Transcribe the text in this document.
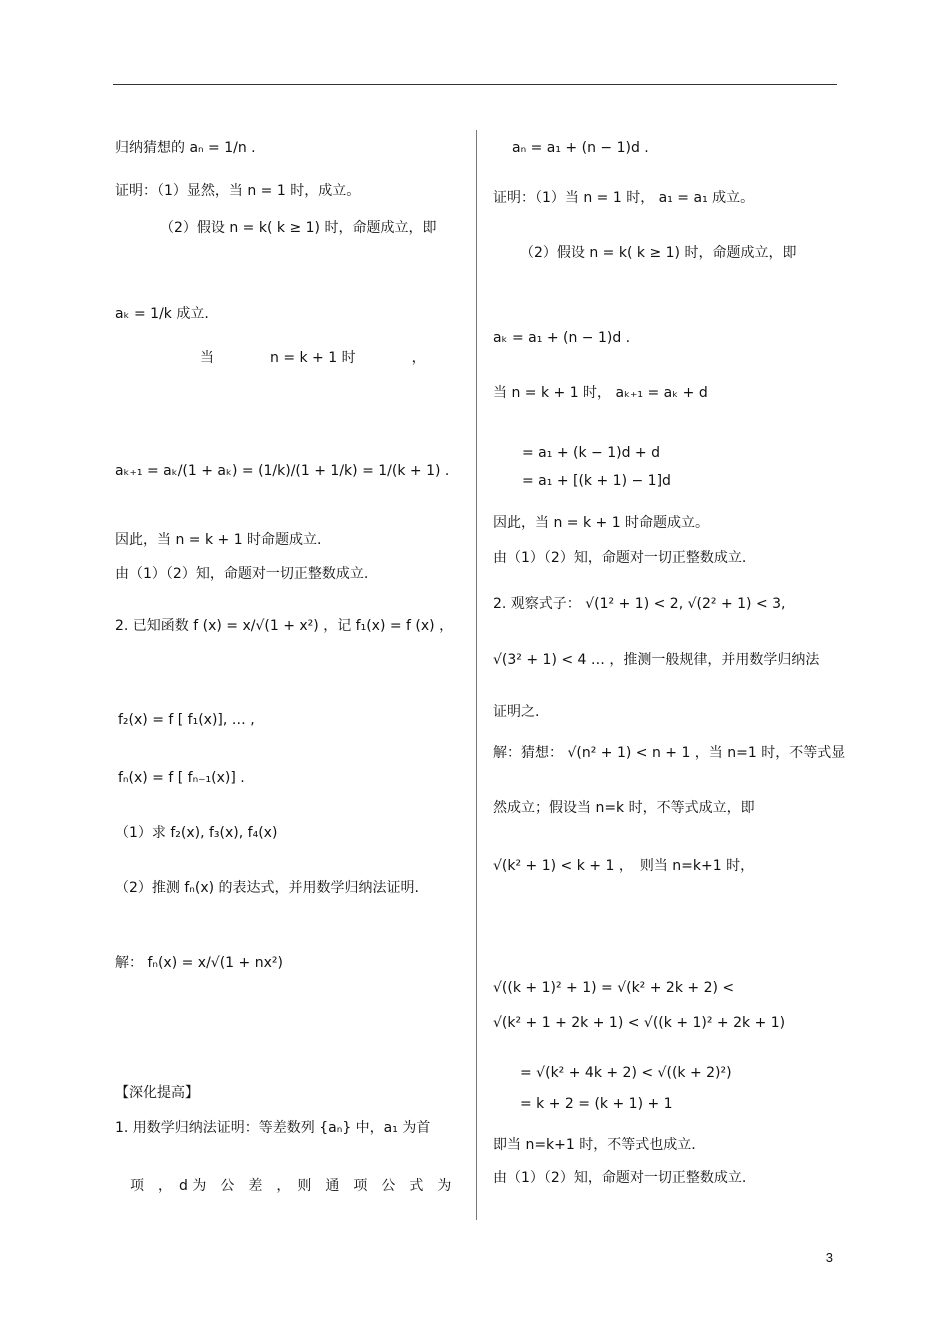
归纳猜想的 aₙ = 1/n .
证明：（1）显然，当 n = 1 时，成立。
（2）假设 n = k( k ≥ 1) 时，命题成立，即
aₖ = 1/k 成立.
当　　　　n = k + 1 时　　　　，
aₖ₊₁ = aₖ/(1 + aₖ) = (1/k)/(1 + 1/k) = 1/(k + 1) .
因此，当 n = k + 1 时命题成立.
由（1）（2）知，命题对一切正整数成立.
2. 已知函数 f (x) = x/√(1 + x²) ，记 f₁(x) = f (x) ，
f₂(x) = f [ f₁(x)], … ,
fₙ(x) = f [ fₙ₋₁(x)] .
（1）求 f₂(x), f₃(x), f₄(x)
（2）推测 fₙ(x) 的表达式，并用数学归纳法证明.
解： fₙ(x) = x/√(1 + nx²)
【深化提高】
1. 用数学归纳法证明：等差数列 {aₙ} 中，a₁ 为首
项　，　d 为　公　差　，　则　通　项　公　式　为
aₙ = a₁ + (n − 1)d .
证明：（1）当 n = 1 时， a₁ = a₁ 成立。
（2）假设 n = k( k ≥ 1) 时，命题成立，即
aₖ = a₁ + (n − 1)d .
当 n = k + 1 时， aₖ₊₁ = aₖ + d
= a₁ + (k − 1)d + d
= a₁ + [(k + 1) − 1]d
因此，当 n = k + 1 时命题成立。
由（1）（2）知，命题对一切正整数成立.
2. 观察式子： √(1² + 1) < 2, √(2² + 1) < 3,
√(3² + 1) < 4 … ，推测一般规律，并用数学归纳法
证明之.
解：猜想： √(n² + 1) < n + 1 ，当 n=1 时，不等式显
然成立；假设当 n=k 时，不等式成立，即
√(k² + 1) < k + 1 ，　则当 n=k+1 时，
√((k + 1)² + 1) = √(k² + 2k + 2) <
√(k² + 1 + 2k + 1) < √((k + 1)² + 2k + 1)
= √(k² + 4k + 2) < √((k + 2)²)
= k + 2 = (k + 1) + 1
即当 n=k+1 时，不等式也成立.
由（1）（2）知，命题对一切正整数成立.
3
